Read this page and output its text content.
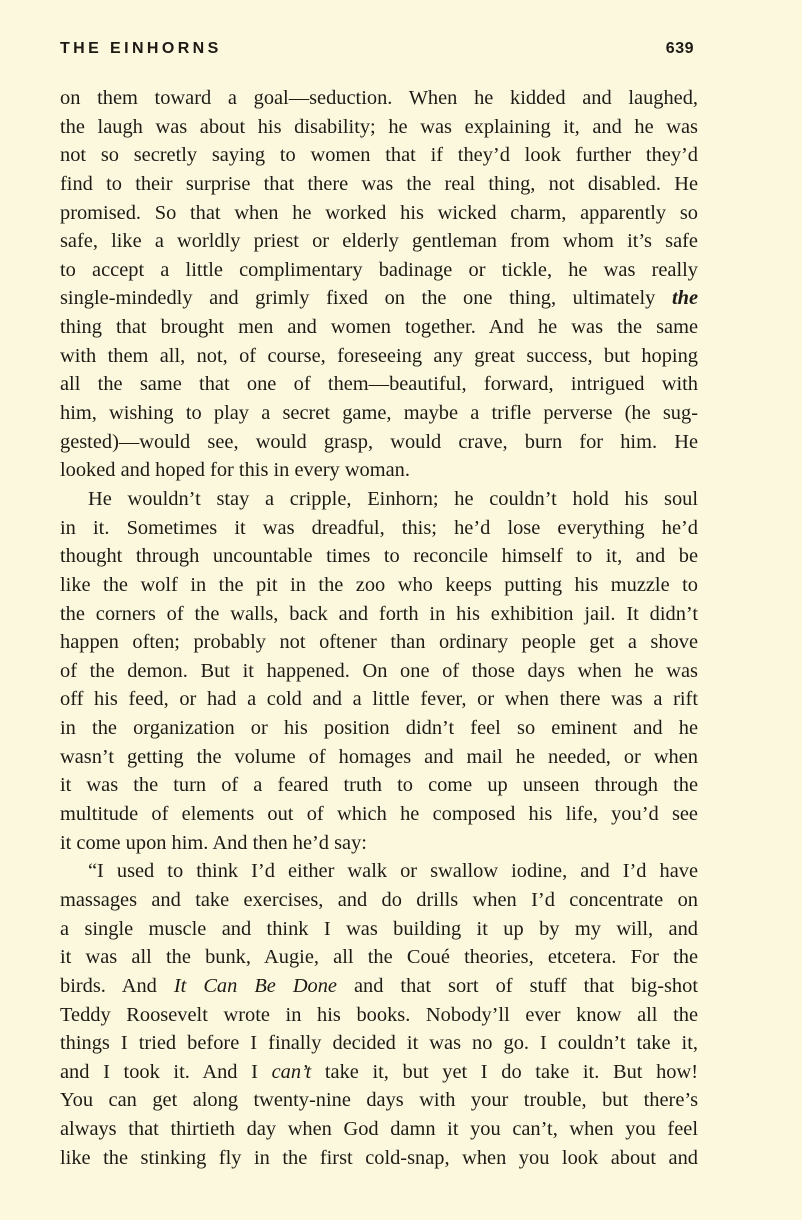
THE EINHORNS	639
on them toward a goal—seduction. When he kidded and laughed,
the laugh was about his disability; he was explaining it, and he was
not so secretly saying to women that if they’d look further they’d
find to their surprise that there was the real thing, not disabled. He
promised. So that when he worked his wicked charm, apparently so
safe, like a worldly priest or elderly gentleman from whom it’s safe
to accept a little complimentary badinage or tickle, he was really
single-mindedly and grimly fixed on the one thing, ultimately the
thing that brought men and women together. And he was the same
with them all, not, of course, foreseeing any great success, but hoping
all the same that one of them—beautiful, forward, intrigued with
him, wishing to play a secret game, maybe a trifle perverse (he sug-
gested)—would see, would grasp, would crave, burn for him. He
looked and hoped for this in every woman.
He wouldn’t stay a cripple, Einhorn; he couldn’t hold his soul
in it. Sometimes it was dreadful, this; he’d lose everything he’d
thought through uncountable times to reconcile himself to it, and be
like the wolf in the pit in the zoo who keeps putting his muzzle to
the corners of the walls, back and forth in his exhibition jail. It didn’t
happen often; probably not oftener than ordinary people get a shove
of the demon. But it happened. On one of those days when he was
off his feed, or had a cold and a little fever, or when there was a rift
in the organization or his position didn’t feel so eminent and he
wasn’t getting the volume of homages and mail he needed, or when
it was the turn of a feared truth to come up unseen through the
multitude of elements out of which he composed his life, you’d see
it come upon him. And then he’d say:
“I used to think I’d either walk or swallow iodine, and I’d have
massages and take exercises, and do drills when I’d concentrate on
a single muscle and think I was building it up by my will, and
it was all the bunk, Augie, all the Coué theories, etcetera. For the
birds. And It Can Be Done and that sort of stuff that big-shot
Teddy Roosevelt wrote in his books. Nobody’ll ever know all the
things I tried before I finally decided it was no go. I couldn’t take it,
and I took it. And I can’t take it, but yet I do take it. But how!
You can get along twenty-nine days with your trouble, but there’s
always that thirtieth day when God damn it you can’t, when you feel
like the stinking fly in the first cold-snap, when you look about and
